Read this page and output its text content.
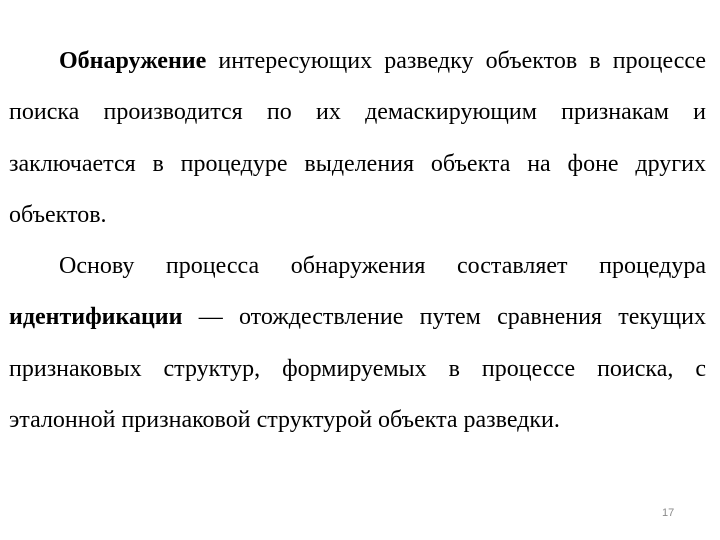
Обнаружение интересующих разведку объектов в процессе поиска производится по их демаскирующим признакам и заключается в процедуре выделения объекта на фоне других объектов.

Основу процесса обнаружения составляет процедура идентификации — отождествление путем сравнения текущих признаковых структур, формируемых в процессе поиска, с эталонной признаковой структурой объекта разведки.

17
